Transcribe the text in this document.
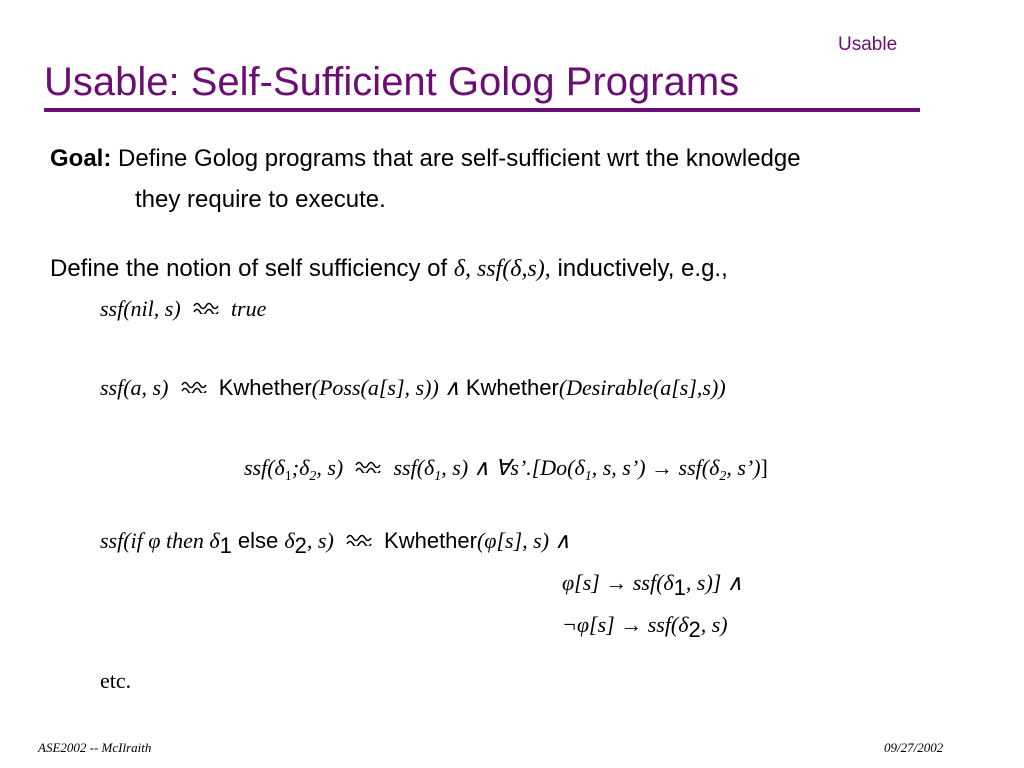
Usable
Usable: Self-Sufficient Golog Programs
Goal: Define Golog programs that are self-sufficient wrt the knowledge
they require to execute.
Define the notion of self sufficiency of δ, ssf(δ,s), inductively, e.g.,
ssf(nil, s) true
ssf(a, s) Kwhether(Poss(a[s], s)) ∧ Kwhether(Desirable(a[s],s))
$ssf(\delta_1;\delta_2$, s) $ssf(\delta_1$, s) ∧ $\forall s’.[Do(\delta_1$, s, s’) → $ssf(\delta_2$, s’)]
ssf(if φ then $\delta_1$ else $\delta_2$, s) Kwhether(φ[s], s) ∧
$\varphi[s] \to ssf(\delta_1$, s)] ∧
¬φ[s] → $ssf(\delta_2$, s)
etc.
ASE2002 -- McIlraith	09/27/2002
